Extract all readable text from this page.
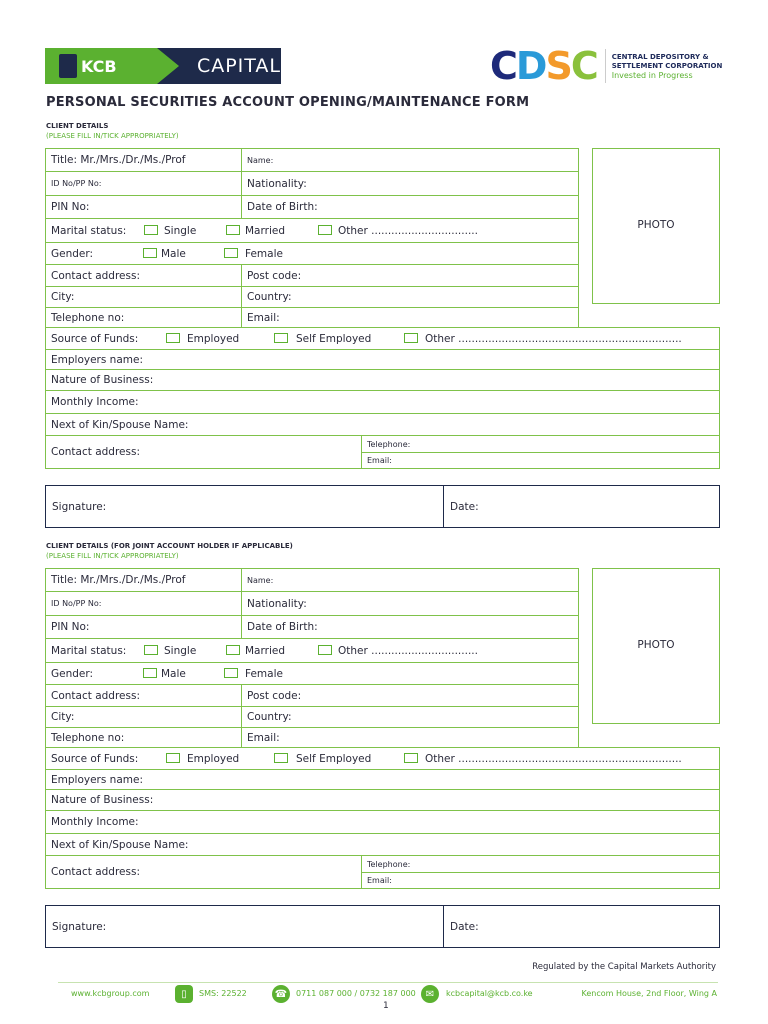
KCB	CAPITAL	CDSC CENTRAL DEPOSITORY &
SETTLEMENT CORPORATION
Invested in Progress
PERSONAL SECURITIES ACCOUNT OPENING/MAINTENANCE FORM
CLIENT DETAILS
(PLEASE FILL IN/TICK APPROPRIATELY)
Title: Mr./Mrs./Dr./Ms./Prof	Name:
ID No/PP No:	Nationality:
PIN No:	Date of Birth:
Marital status:	Single	Married	Other ................................
Gender:	Male	Female
Contact address:	Post code:
City:	Country:
Telephone no:	Email:
PHOTO
Source of Funds:	Employed	Self Employed	Other ...................................................................
Employers name:
Nature of Business:
Monthly Income:
Next of Kin/Spouse Name:
Contact address:
Telephone:
Email:
Signature:	Date:
CLIENT DETAILS (FOR JOINT ACCOUNT HOLDER IF APPLICABLE)
(PLEASE FILL IN/TICK APPROPRIATELY)
Title: Mr./Mrs./Dr./Ms./Prof	Name:
ID No/PP No:	Nationality:
PIN No:	Date of Birth:
Marital status:	Single	Married	Other ................................
Gender:	Male	Female
Contact address:	Post code:
City:	Country:
Telephone no:	Email:
PHOTO
Source of Funds:	Employed	Self Employed	Other ...................................................................
Employers name:
Nature of Business:
Monthly Income:
Next of Kin/Spouse Name:
Contact address:
Telephone:
Email:
Signature:	Date:
Regulated by the Capital Markets Authority
www.kcbgroup.com	▯	SMS: 22522	☎	0711 087 000 / 0732 187 000	✉	kcbcapital@kcb.co.ke	Kencom House, 2nd Floor, Wing A
1
